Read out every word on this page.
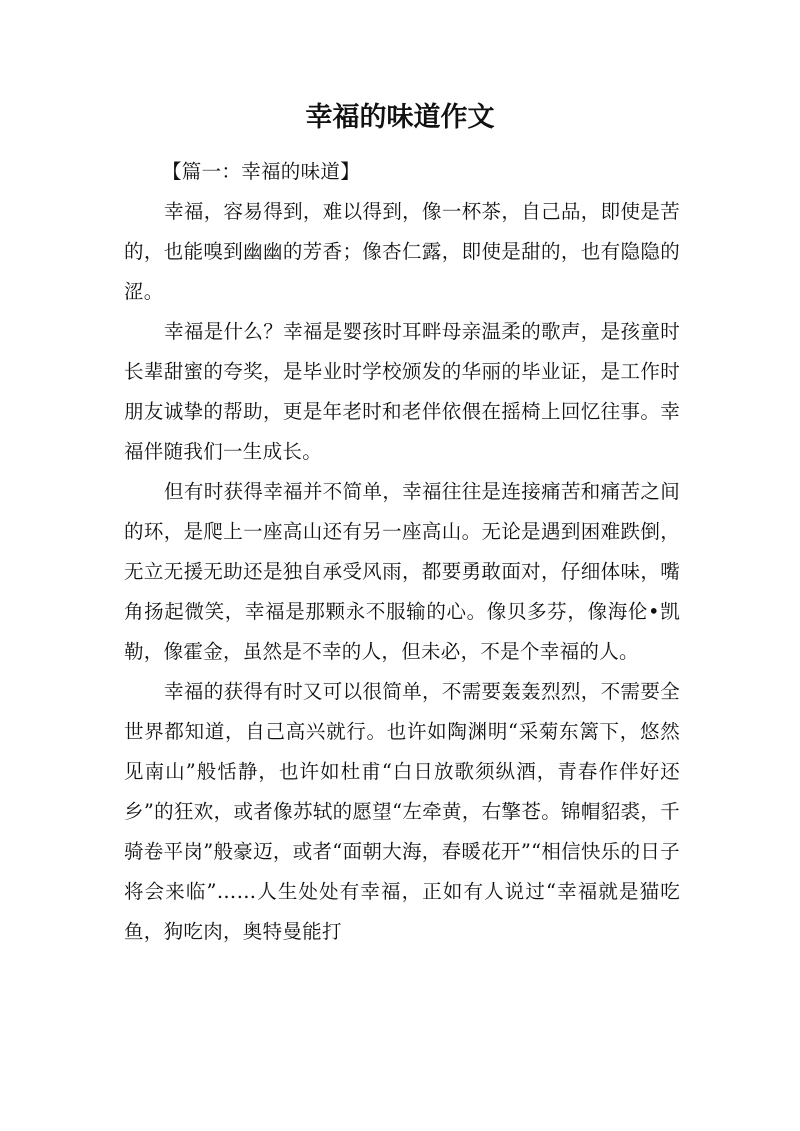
幸福的味道作文

【篇一：幸福的味道】

幸福，容易得到，难以得到，像一杯茶，自己品，即使是苦的，也能嗅到幽幽的芳香；像杏仁露，即使是甜的，也有隐隐的涩。

幸福是什么？幸福是婴孩时耳畔母亲温柔的歌声，是孩童时长辈甜蜜的夸奖，是毕业时学校颁发的华丽的毕业证，是工作时朋友诚挚的帮助，更是年老时和老伴依偎在摇椅上回忆往事。幸福伴随我们一生成长。

但有时获得幸福并不简单，幸福往往是连接痛苦和痛苦之间的环，是爬上一座高山还有另一座高山。无论是遇到困难跌倒，无立无援无助还是独自承受风雨，都要勇敢面对，仔细体味，嘴角扬起微笑，幸福是那颗永不服输的心。像贝多芬，像海伦•凯勒，像霍金，虽然是不幸的人，但未必，不是个幸福的人。

幸福的获得有时又可以很简单，不需要轰轰烈烈，不需要全世界都知道，自己高兴就行。也许如陶渊明“采菊东篱下，悠然见南山”般恬静，也许如杜甫“白日放歌须纵酒，青春作伴好还乡”的狂欢，或者像苏轼的愿望“左牵黄，右擎苍。锦帽貂裘，千骑卷平岗”般豪迈，或者“面朝大海，春暖花开”“相信快乐的日子将会来临”……人生处处有幸福，正如有人说过“幸福就是猫吃鱼，狗吃肉，奥特曼能打
